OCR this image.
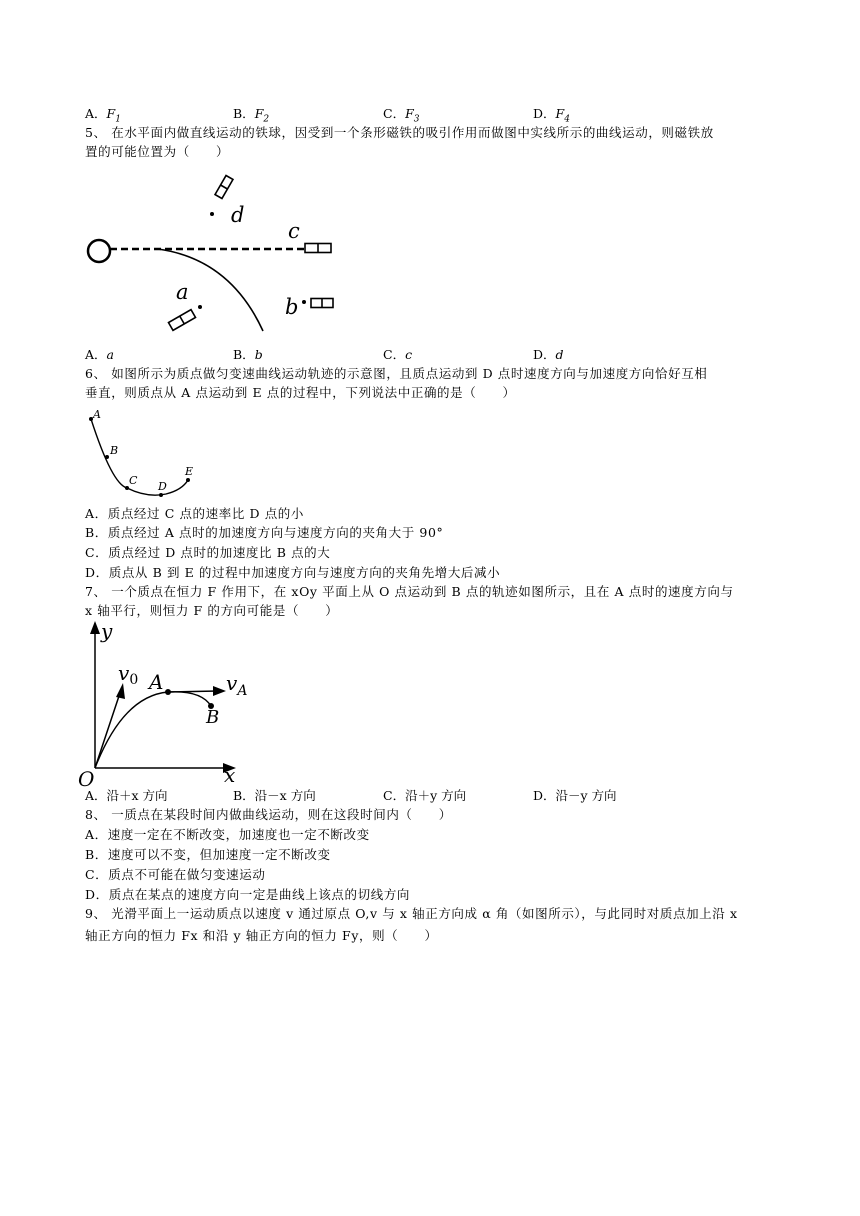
A．$F_1$	B．$F_2$	C．$F_3$	D．$F_4$
5、 在水平面内做直线运动的铁球，因受到一个条形磁铁的吸引作用而做图中实线所示的曲线运动，则磁铁放
置的可能位置为（　　）
d
c
a
b
A．a	B．b	C．c	D．d
6、 如图所示为质点做匀变速曲线运动轨迹的示意图，且质点运动到 D 点时速度方向与加速度方向恰好互相
垂直，则质点从 A 点运动到 E 点的过程中，下列说法中正确的是（　　）
A
B
C D
E
A．质点经过 C 点的速率比 D 点的小
B．质点经过 A 点时的加速度方向与速度方向的夹角大于 90°
C．质点经过 D 点时的加速度比 B 点的大
D．质点从 B 到 E 的过程中加速度方向与速度方向的夹角先增大后减小
7、 一个质点在恒力 F 作用下，在 xOy 平面上从 O 点运动到 B 点的轨迹如图所示，且在 A 点时的速度方向与
x 轴平行，则恒力 F 的方向可能是（　　）
y
x
O
$v_0$ A	$v_A$
B
A．沿＋x 方向	B．沿－x 方向	C．沿＋y 方向	D．沿－y 方向
8、 一质点在某段时间内做曲线运动，则在这段时间内（　　）
A．速度一定在不断改变，加速度也一定不断改变
B．速度可以不变，但加速度一定不断改变
C．质点不可能在做匀变速运动
D．质点在某点的速度方向一定是曲线上该点的切线方向
9、 光滑平面上一运动质点以速度 v 通过原点 O,v 与 x 轴正方向成 α 角（如图所示），与此同时对质点加上沿 x
轴正方向的恒力 Fx 和沿 y 轴正方向的恒力 Fy，则（　　）
